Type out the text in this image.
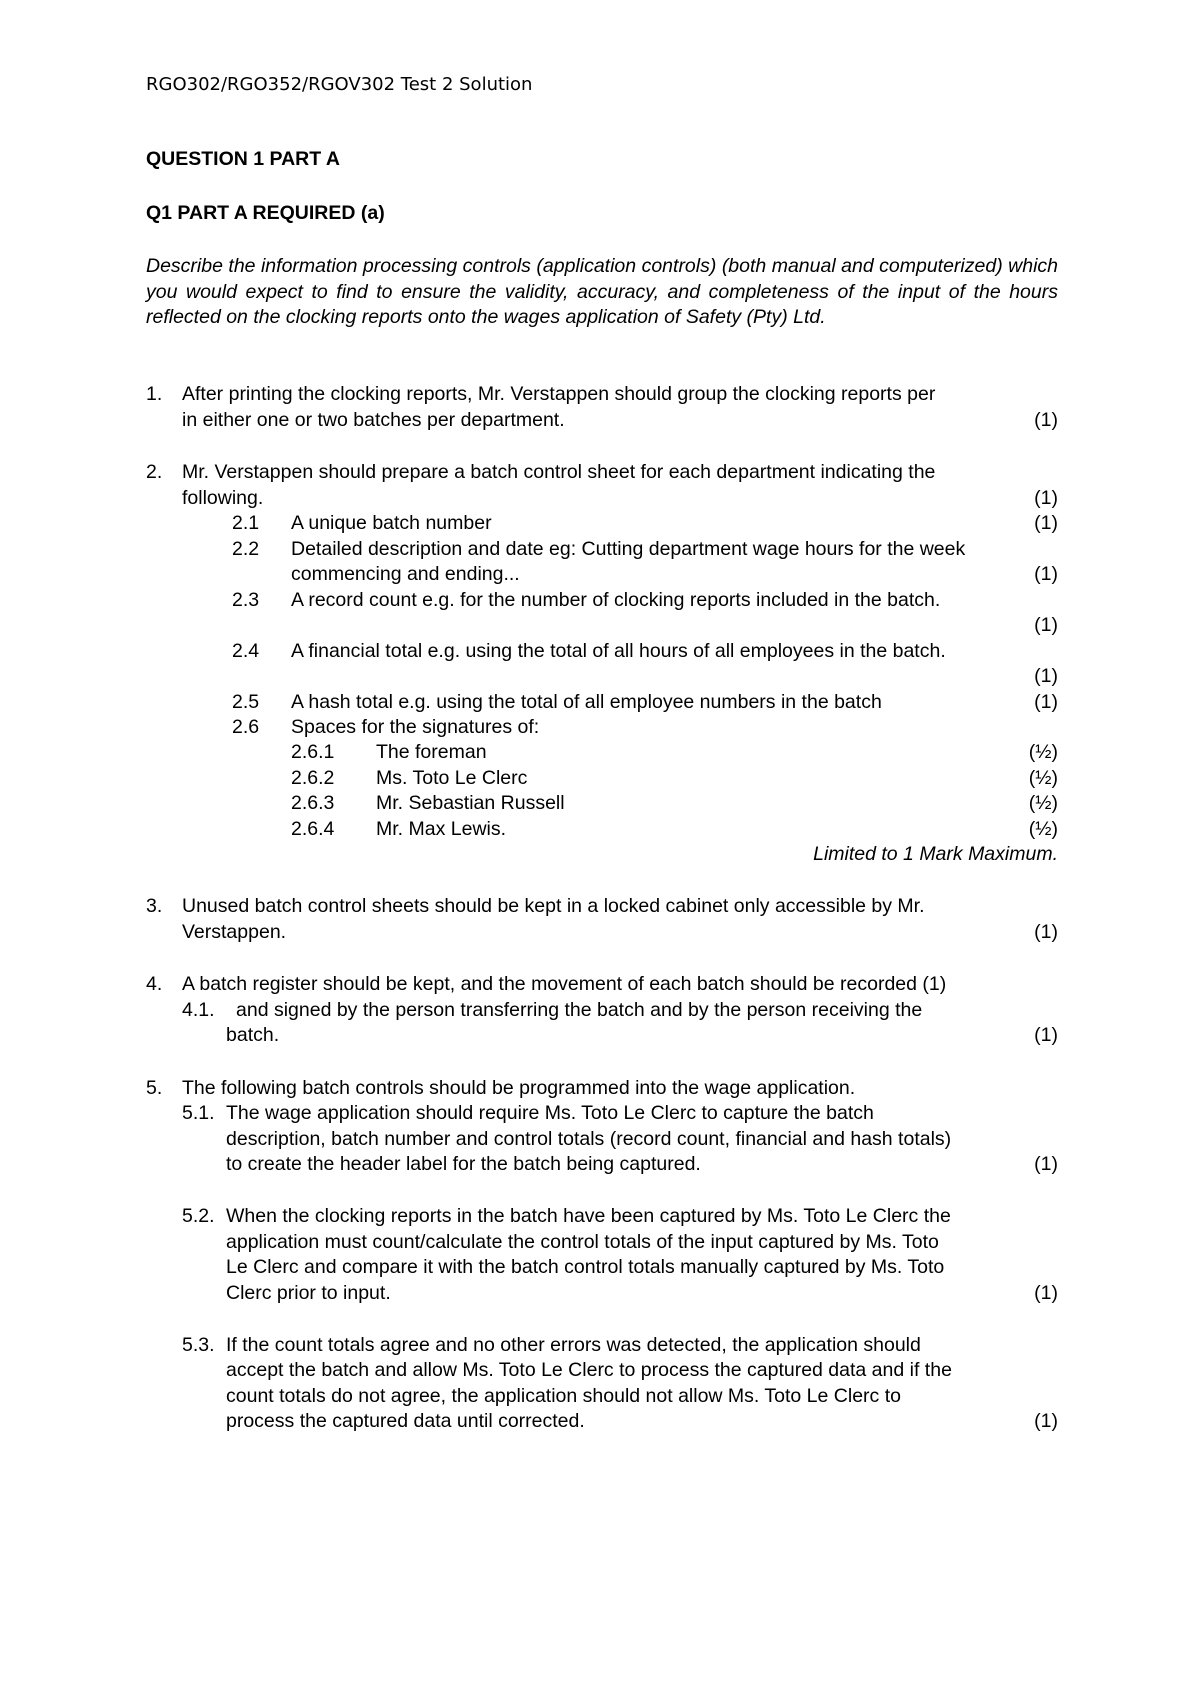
RGO302/RGO352/RGOV302 Test 2 Solution
QUESTION 1 PART A
Q1 PART A REQUIRED (a)
Describe the information processing controls (application controls) (both manual and computerized) which you would expect to find to ensure the validity, accuracy, and completeness of the input of the hours reflected on the clocking reports onto the wages application of Safety (Pty) Ltd.
1. After printing the clocking reports, Mr. Verstappen should group the clocking reports per
in either one or two batches per department.	(1)
2. Mr. Verstappen should prepare a batch control sheet for each department indicating the
following.	(1)
2.1 A unique batch number	(1)
2.2 Detailed description and date eg: Cutting department wage hours for the week
commencing and ending...	(1)
2.3 A record count e.g. for the number of clocking reports included in the batch.
(1)
2.4 A financial total e.g. using the total of all hours of all employees in the batch.
(1)
2.5 A hash total e.g. using the total of all employee numbers in the batch	(1)
2.6 Spaces for the signatures of:
2.6.1 The foreman	(½)
2.6.2 Ms. Toto Le Clerc	(½)
2.6.3 Mr. Sebastian Russell	(½)
2.6.4 Mr. Max Lewis.	(½)
Limited to 1 Mark Maximum.
3. Unused batch control sheets should be kept in a locked cabinet only accessible by Mr.
Verstappen.	(1)
4. A batch register should be kept, and the movement of each batch should be recorded (1)
4.1. and signed by the person transferring the batch and by the person receiving the
batch.	(1)
5. The following batch controls should be programmed into the wage application.
5.1. The wage application should require Ms. Toto Le Clerc to capture the batch
description, batch number and control totals (record count, financial and hash totals)
to create the header label for the batch being captured.	(1)
5.2. When the clocking reports in the batch have been captured by Ms. Toto Le Clerc the
application must count/calculate the control totals of the input captured by Ms. Toto
Le Clerc and compare it with the batch control totals manually captured by Ms. Toto
Clerc prior to input.	(1)
5.3. If the count totals agree and no other errors was detected, the application should
accept the batch and allow Ms. Toto Le Clerc to process the captured data and if the
count totals do not agree, the application should not allow Ms. Toto Le Clerc to
process the captured data until corrected.	(1)
